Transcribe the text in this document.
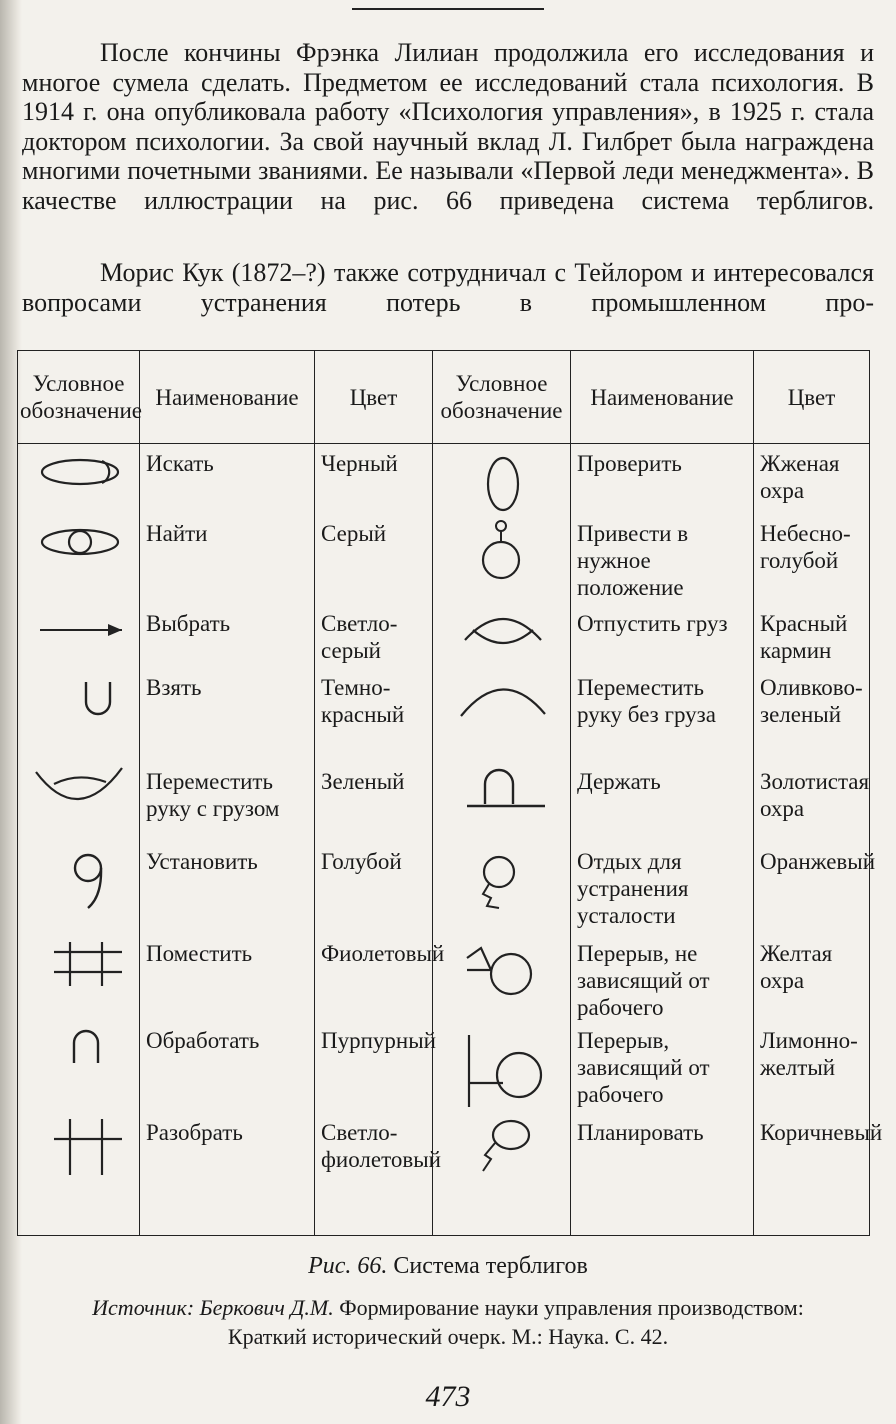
После кончины Фрэнка Лилиан продолжила его исследования и многое сумела сделать. Предметом ее исследований стала психология. В 1914 г. она опубликовала работу «Психология управления», в 1925 г. стала доктором психологии. За свой научный вклад Л. Гилбрет была награждена многими почетными званиями. Ее называли «Первой леди менеджмента». В качестве иллюстрации на рис. 66 приведена система терблигов.
Морис Кук (1872–?) также сотрудничал с Тейлором и интересовался вопросами устранения потерь в промышленном про-
Условное обозначение	Наименование	Цвет	Условное обозначение	Наименование	Цвет

	Искать	Черный		Проверить	Жженая охра

	Найти	Серый		Привести в нужное положение	Небесно-голубой

	Выбрать	Светло-серый		Отпустить груз	Красный кармин

	Взять	Темно-красный		Переместить руку без груза	Оливково-зеленый

	Переместить руку с грузом	Зеленый		Держать	Золотистая охра

	Установить	Голубой		Отдых для устранения усталости	Оранжевый

	Поместить	Фиолетовый		Перерыв, не зависящий от рабочего	Желтая охра

	Обработать	Пурпурный		Перерыв, зависящий от рабочего	Лимонно-желтый

	Разобрать	Светло-фиолетовый		Планировать	Коричневый
Рис. 66. Система терблигов
Источник: Беркович Д.М. Формирование науки управления производством:
Краткий исторический очерк. М.: Наука. С. 42.
473
